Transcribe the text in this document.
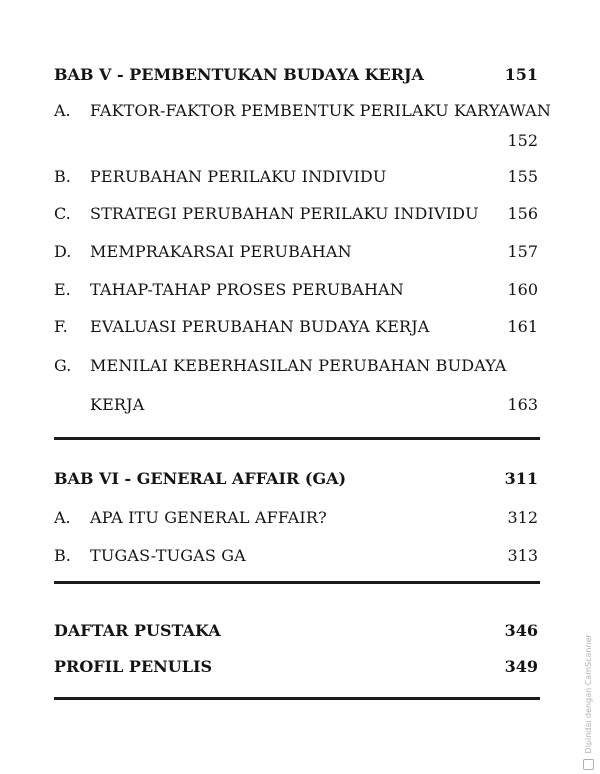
BAB V - PEMBENTUKAN BUDAYA KERJA	151
A. FAKTOR-FAKTOR PEMBENTUK PERILAKU KARYAWAN
152
B. PERUBAHAN PERILAKU INDIVIDU	155
C. STRATEGI PERUBAHAN PERILAKU INDIVIDU 156
D. MEMPRAKARSAI PERUBAHAN	157
E. TAHAP-TAHAP PROSES PERUBAHAN	160
F. EVALUASI PERUBAHAN BUDAYA KERJA	161
G. MENILAI KEBERHASILAN PERUBAHAN BUDAYA
KERJA	163
BAB VI - GENERAL AFFAIR (GA)	311
A. APA ITU GENERAL AFFAIR?	312
B. TUGAS-TUGAS GA	313
DAFTAR PUSTAKA	346
PROFIL PENULIS	349	Dipindai dengan CamScanner
